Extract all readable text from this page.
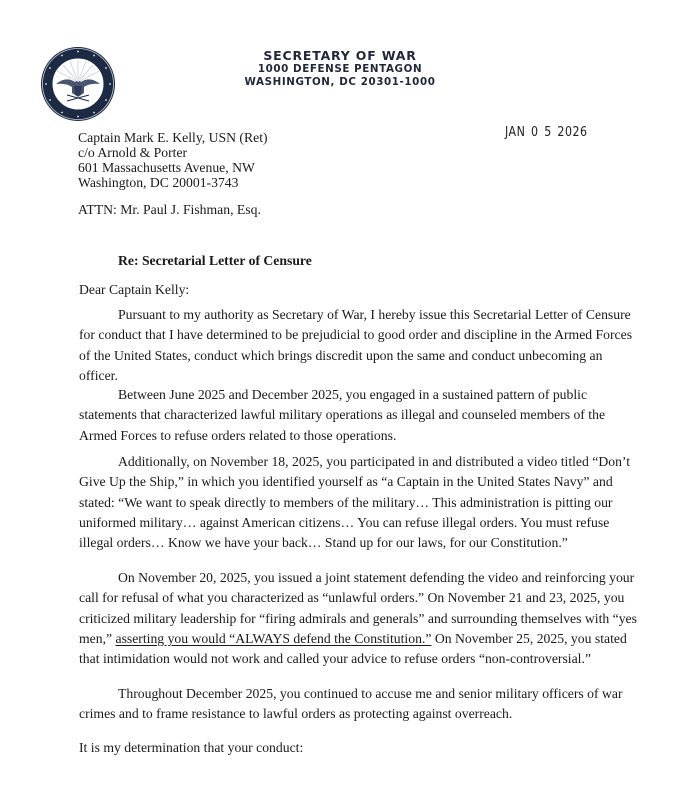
SECRETARY OF WAR
1000 DEFENSE PENTAGON
WASHINGTON, DC 20301-1000
JAN 0 5 2026
Captain Mark E. Kelly, USN (Ret)
c/o Arnold & Porter
601 Massachusetts Avenue, NW
Washington, DC 20001-3743
ATTN: Mr. Paul J. Fishman, Esq.
Re: Secretarial Letter of Censure
Dear Captain Kelly:

Pursuant to my authority as Secretary of War, I hereby issue this Secretarial Letter of Censure for conduct that I have determined to be prejudicial to good order and discipline in the Armed Forces of the United States, conduct which brings discredit upon the same and conduct unbecoming an officer.

Between June 2025 and December 2025, you engaged in a sustained pattern of public statements that characterized lawful military operations as illegal and counseled members of the Armed Forces to refuse orders related to those operations.

Additionally, on November 18, 2025, you participated in and distributed a video titled “Don’t Give Up the Ship,” in which you identified yourself as “a Captain in the United States Navy” and stated: “We want to speak directly to members of the military… This administration is pitting our uniformed military… against American citizens… You can refuse illegal orders. You must refuse illegal orders… Know we have your back… Stand up for our laws, for our Constitution.”

On November 20, 2025, you issued a joint statement defending the video and reinforcing your call for refusal of what you characterized as “unlawful orders.” On November 21 and 23, 2025, you criticized military leadership for “firing admirals and generals” and surrounding themselves with “yes men,” asserting you would “ALWAYS defend the Constitution.” On November 25, 2025, you stated that intimidation would not work and called your advice to refuse orders “non-controversial.”

Throughout December 2025, you continued to accuse me and senior military officers of war crimes and to frame resistance to lawful orders as protecting against overreach.

It is my determination that your conduct:
